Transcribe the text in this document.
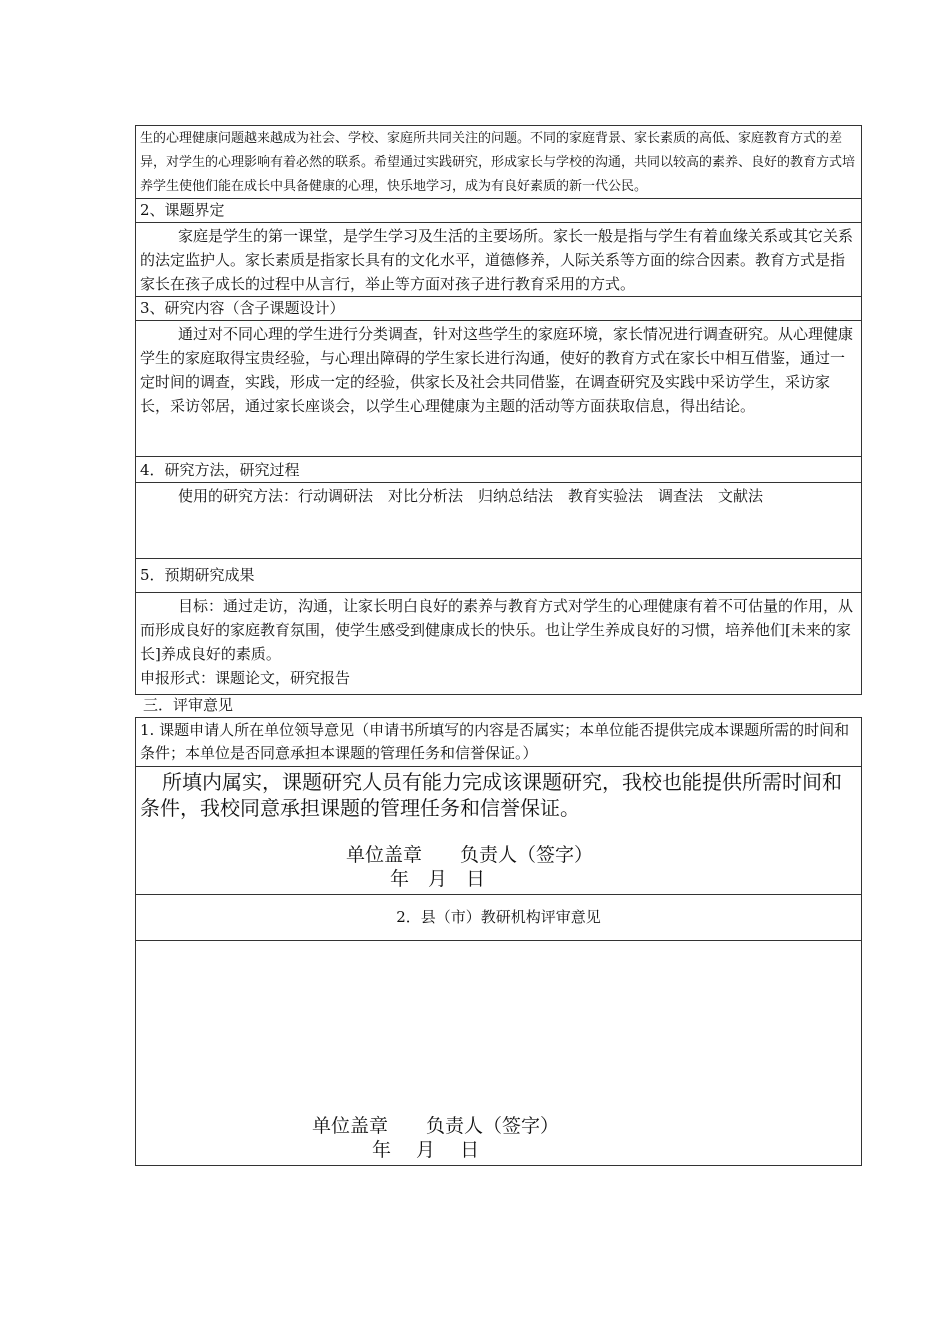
生的心理健康问题越来越成为社会、学校、家庭所共同关注的问题。不同的家庭背景、家长素质的高低、家庭教育方式的差异，对学生的心理影响有着必然的联系。希望通过实践研究，形成家长与学校的沟通，共同以较高的素养、良好的教育方式培养学生使他们能在成长中具备健康的心理，快乐地学习，成为有良好素质的新一代公民。

2、课题界定

家庭是学生的第一课堂，是学生学习及生活的主要场所。家长一般是指与学生有着血缘关系或其它关系的法定监护人。家长素质是指家长具有的文化水平，道德修养，人际关系等方面的综合因素。教育方式是指家长在孩子成长的过程中从言行，举止等方面对孩子进行教育采用的方式。

3、研究内容（含子课题设计）

通过对不同心理的学生进行分类调查，针对这些学生的家庭环境，家长情况进行调查研究。从心理健康学生的家庭取得宝贵经验，与心理出障碍的学生家长进行沟通，使好的教育方式在家长中相互借鉴，通过一定时间的调查，实践，形成一定的经验，供家长及社会共同借鉴，在调查研究及实践中采访学生，采访家长，采访邻居，通过家长座谈会，以学生心理健康为主题的活动等方面获取信息，得出结论。

4．研究方法，研究过程

使用的研究方法：行动调研法　对比分析法　归纳总结法　教育实验法　调查法　文献法

5．预期研究成果

目标：通过走访，沟通，让家长明白良好的素养与教育方式对学生的心理健康有着不可估量的作用，从而形成良好的家庭教育氛围，使学生感受到健康成长的快乐。也让学生养成良好的习惯，培养他们[未来的家长]养成良好的素质。

申报形式：课题论文，研究报告

三．评审意见

1. 课题申请人所在单位领导意见（申请书所填写的内容是否属实；本单位能否提供完成本课题所需的时间和条件；本单位是否同意承担本课题的管理任务和信誉保证。）

所填内属实，课题研究人员有能力完成该课题研究，我校也能提供所需时间和条件，我校同意承担课题的管理任务和信誉保证。

单位盖章　　负责人（签字）
年　月　日
2．县（市）教研机构评审意见
单位盖章　　负责人（签字）
年　 月　 日
